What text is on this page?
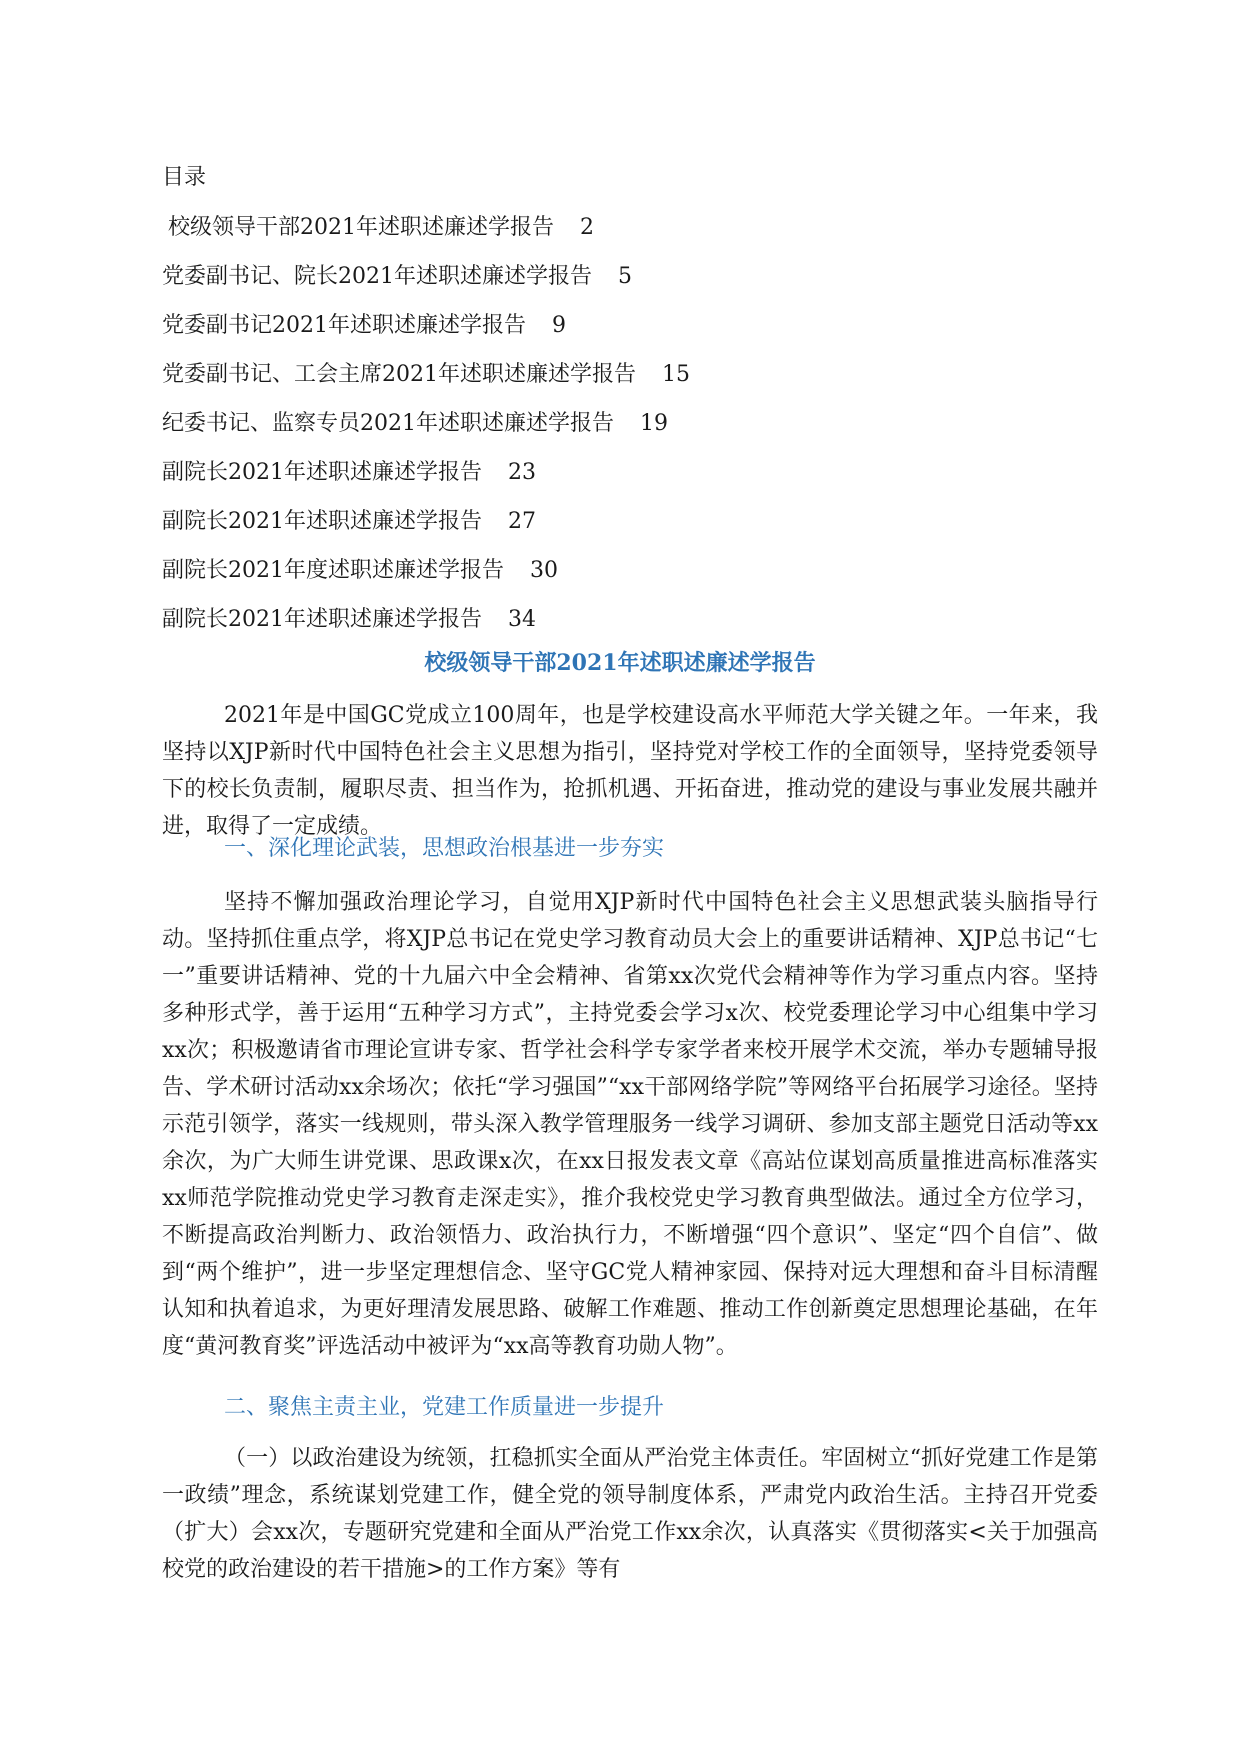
目录
校级领导干部2021年述职述廉述学报告 2
党委副书记、院长2021年述职述廉述学报告 5
党委副书记2021年述职述廉述学报告 9
党委副书记、工会主席2021年述职述廉述学报告 15
纪委书记、监察专员2021年述职述廉述学报告 19
副院长2021年述职述廉述学报告 23
副院长2021年述职述廉述学报告 27
副院长2021年度述职述廉述学报告 30
副院长2021年述职述廉述学报告 34
校级领导干部2021年述职述廉述学报告

2021年是中国GC党成立100周年，也是学校建设高水平师范大学关键之年。一年来，我坚持以XJP新时代中国特色社会主义思想为指引，坚持党对学校工作的全面领导，坚持党委领导下的校长负责制，履职尽责、担当作为，抢抓机遇、开拓奋进，推动党的建设与事业发展共融并进，取得了一定成绩。

一、深化理论武装，思想政治根基进一步夯实

坚持不懈加强政治理论学习，自觉用XJP新时代中国特色社会主义思想武装头脑指导行动。坚持抓住重点学，将XJP总书记在党史学习教育动员大会上的重要讲话精神、XJP总书记“七一”重要讲话精神、党的十九届六中全会精神、省第xx次党代会精神等作为学习重点内容。坚持多种形式学，善于运用“五种学习方式”，主持党委会学习x次、校党委理论学习中心组集中学习xx次；积极邀请省市理论宣讲专家、哲学社会科学专家学者来校开展学术交流，举办专题辅导报告、学术研讨活动xx余场次；依托“学习强国”“xx干部网络学院”等网络平台拓展学习途径。坚持示范引领学，落实一线规则，带头深入教学管理服务一线学习调研、参加支部主题党日活动等xx余次，为广大师生讲党课、思政课x次，在xx日报发表文章《高站位谋划高质量推进高标准落实xx师范学院推动党史学习教育走深走实》，推介我校党史学习教育典型做法。通过全方位学习，不断提高政治判断力、政治领悟力、政治执行力，不断增强“四个意识”、坚定“四个自信”、做到“两个维护”，进一步坚定理想信念、坚守GC党人精神家园、保持对远大理想和奋斗目标清醒认知和执着追求，为更好理清发展思路、破解工作难题、推动工作创新奠定思想理论基础，在年度“黄河教育奖”评选活动中被评为“xx高等教育功勋人物”。

二、聚焦主责主业，党建工作质量进一步提升

（一）以政治建设为统领，扛稳抓实全面从严治党主体责任。牢固树立“抓好党建工作是第一政绩”理念，系统谋划党建工作，健全党的领导制度体系，严肃党内政治生活。主持召开党委（扩大）会xx次，专题研究党建和全面从严治党工作xx余次，认真落实《贯彻落实<关于加强高校党的政治建设的若干措施>的工作方案》等有
